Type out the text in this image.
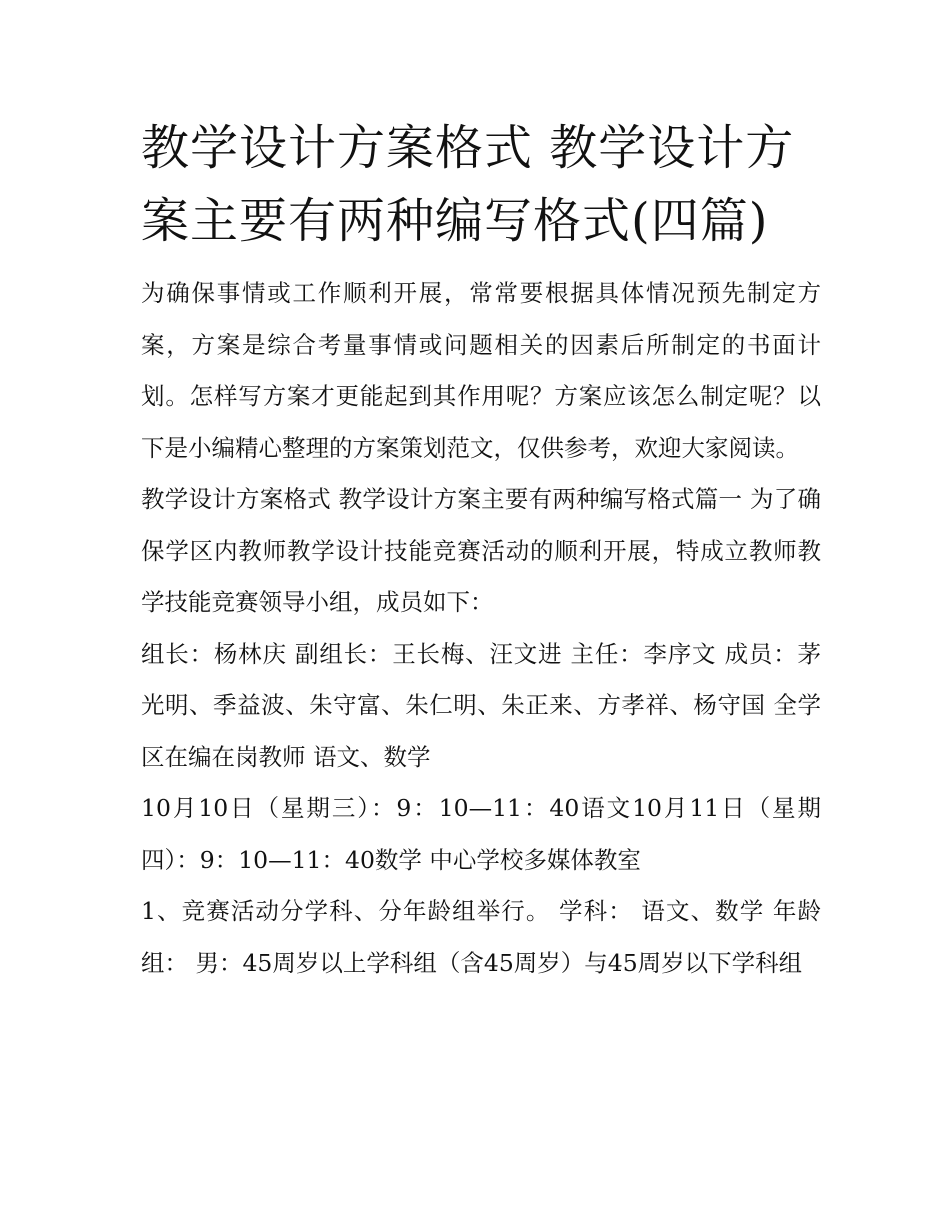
教学设计方案格式 教学设计方案主要有两种编写格式(四篇)

为确保事情或工作顺利开展，常常要根据具体情况预先制定方案，方案是综合考量事情或问题相关的因素后所制定的书面计划。怎样写方案才更能起到其作用呢？方案应该怎么制定呢？以下是小编精心整理的方案策划范文，仅供参考，欢迎大家阅读。

教学设计方案格式 教学设计方案主要有两种编写格式篇一 为了确保学区内教师教学设计技能竞赛活动的顺利开展，特成立教师教学技能竞赛领导小组，成员如下：

组长：杨林庆 副组长：王长梅、汪文进 主任：李序文 成员：茅光明、季益波、朱守富、朱仁明、朱正来、方孝祥、杨守国 全学区在编在岗教师 语文、数学

10月10日（星期三）：9：10—11：40语文10月11日（星期四）：9：10—11：40数学 中心学校多媒体教室

1、竞赛活动分学科、分年龄组举行。 学科： 语文、数学 年龄组： 男：45周岁以上学科组（含45周岁）与45周岁以下学科组
